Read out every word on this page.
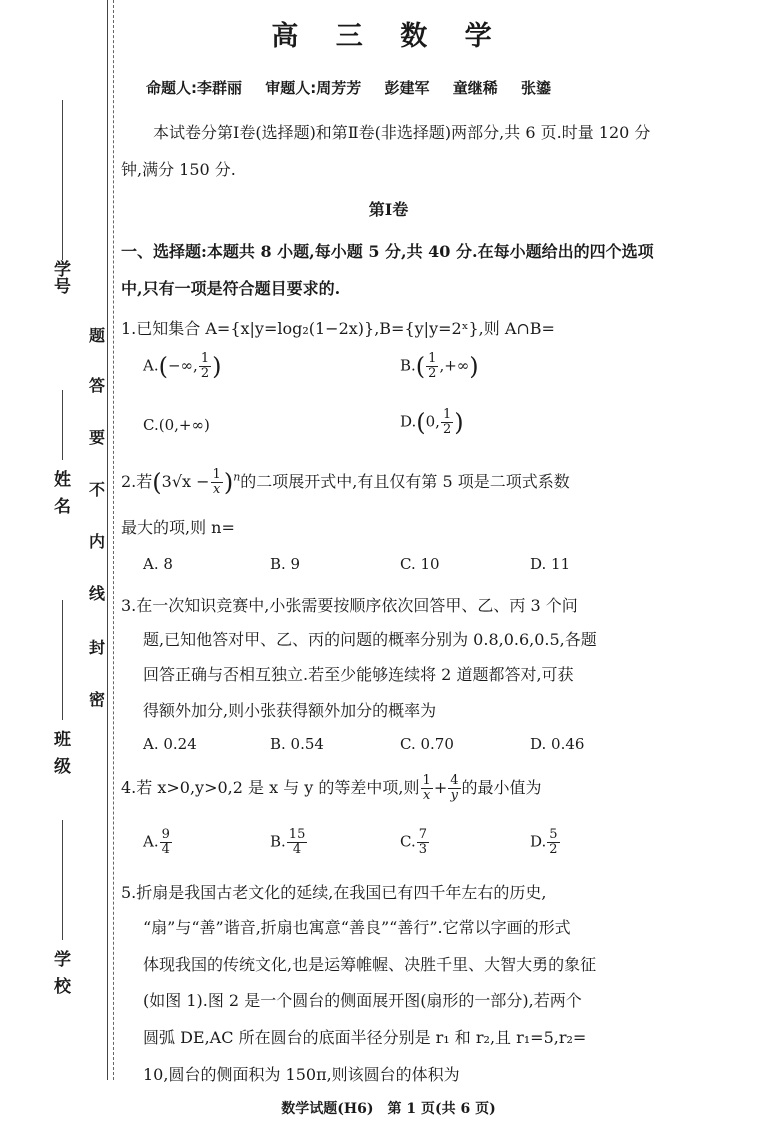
学号
姓名
班级
学校
题
答
要
不
内
线
封
密
高 三 数 学
命题人:李群丽 审题人:周芳芳 彭建军 童继稀 张鎏
本试卷分第Ⅰ卷(选择题)和第Ⅱ卷(非选择题)两部分,共 6 页.时量 120 分钟,满分 150 分.
第Ⅰ卷
一、选择题:本题共 8 小题,每小题 5 分,共 40 分.在每小题给出的四个选项中,只有一项是符合题目要求的.
1.已知集合 A={x|y=log₂(1−2x)},B={y|y=2ˣ},则 A∩B=
A.(−∞, $\frac{1}{2}$ )	$B.( \frac{1}{2}$ ,+∞)
C.(0,+∞)	D.(0, $\frac{1}{2}$ )
2.若$(3√x - \frac{1}{x} )^n$的二项展开式中,有且仅有第 5 项是二项式系数
最大的项,则 n=
A. 8	B. 9	C. 10	D. 11
3.在一次知识竞赛中,小张需要按顺序依次回答甲、乙、丙 3 个问
题,已知他答对甲、乙、丙的问题的概率分别为 0.8,0.6,0.5,各题
回答正确与否相互独立.若至少能够连续将 2 道题都答对,可获
得额外加分,则小张获得额外加分的概率为
A. 0.24	B. 0.54	C. 0.70	D. 0.46
4.若 x>0,y>0,2 是 x 与 y 的等差中项,则 $\frac{1}{x} + \frac{4}{y}$ 的最小值为
A. $\frac{9}{4}$	B. $\frac{15}{4}$	C. $\frac{7}{3}$	D. $\frac{5}{2}$
5.折扇是我国古老文化的延续,在我国已有四千年左右的历史,
“扇”与“善”谐音,折扇也寓意“善良”“善行”.它常以字画的形式
体现我国的传统文化,也是运筹帷幄、决胜千里、大智大勇的象征
(如图 1).图 2 是一个圆台的侧面展开图(扇形的一部分),若两个
圆弧 DE,AC 所在圆台的底面半径分别是 r₁ 和 r₂,且 r₁=5,r₂=
10,圆台的侧面积为 150π,则该圆台的体积为
数学试题(H6)　第 1 页(共 6 页)
